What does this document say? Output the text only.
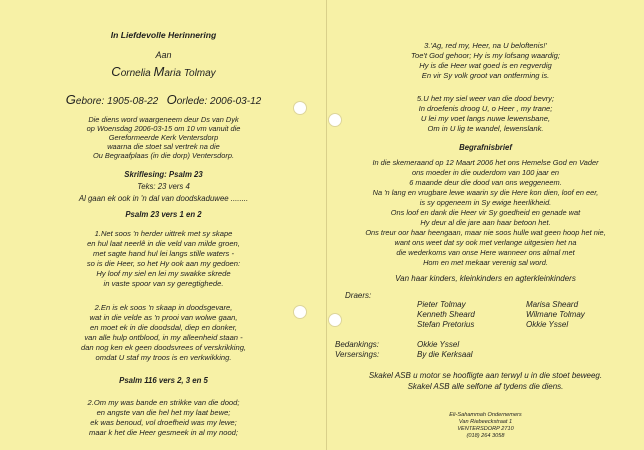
In Liefdevolle Herinnering
Aan
Cornelia Maria Tolmay
Gebore: 1905-08-22 Oorlede: 2006-03-12
Die diens word waargeneem deur Ds van Dyk
op Woensdag 2006-03-15 om 10 vm vanuit die
Gereformeerde Kerk Ventersdorp
waarna die stoet sal vertrek na die
Ou Begraafplaas (in die dorp) Ventersdorp.
Skriflesing: Psalm 23
Teks: 23 vers 4
Al gaan ek ook in 'n dal van doodskaduwee ........
Psalm 23 vers 1 en 2
1.Net soos 'n herder uittrek met sy skape
en hul laat neerlê in die veld van milde groen,
met sagte hand hul lei langs stille waters -
so is die Heer, so het Hy ook aan my gedoen:
Hy loof my siel en lei my swakke skrede
in vaste spoor van sy geregtighede.
2.En is ek soos 'n skaap in doodsgevare,
wat in die velde as 'n prooi van wolwe gaan,
en moet ek in die doodsdal, diep en donker,
van alle hulp ontblood, in my alleenheid staan -
dan nog ken ek geen doodsvrees of verskrikking,
omdat U staf my troos is en verkwikking.
Psalm 116 vers 2, 3 en 5
2.Om my was bande en strikke van die dood;
en angste van die hel het my laat bewe;
ek was benoud, vol droefheid was my lewe;
maar k het die Heer gesmeek in al my nood;
3.'Ag, red my, Heer, na U beloftenis!'
Toe't God gehoor; Hy is my lofsang waardig;
Hy is die Heer wat goed is en regverdig
En vir Sy volk groot van ontferming is.
5.U het my siel weer van die dood bevry;
In droefenis droog U, o Heer , my trane;
U lei my voet langs nuwe lewensbane,
Om in U lig te wandel, lewenslank.
Begrafnisbrief
In die skemeraand op 12 Maart 2006 het ons Hemelse God en Vader
ons moeder in die ouderdom van 100 jaar en
6 maande deur die dood van ons weggeneem.
Na 'n lang en vrugbare lewe waarin sy die Here kon dien, loof en eer,
is sy opgeneem in Sy ewige heerlikheid.
Ons loof en dank die Heer vir Sy goedheid en genade wat
Hy deur al die jare aan haar betoon het.
Ons treur oor haar heengaan, maar nie soos hulle wat geen hoop het nie,
want ons weet dat sy ook met verlange uitgesien het na
die wederkoms van onse Here wanneer ons almal met
Hom en met mekaar verenig sal word.
Van haar kinders, kleinkinders en agterkleinkinders
Draers:
Pieter Tolmay
Kenneth Sheard
Stefan Pretorius
Marisa Sheard
Wilmane Tolmay
Okkie Yssel
Bedankings:	Okkie Yssel
Versersings:	By die Kerksaal
Skakel ASB u motor se hoofligte aan terwyl u in die stoet beweeg.
Skakel ASB alle selfone af tydens die diens.
Eli-Sahammah Ondernemers
Van Riebeeckstraat 1
VENTERSDORP 2710
(018) 264 3058
